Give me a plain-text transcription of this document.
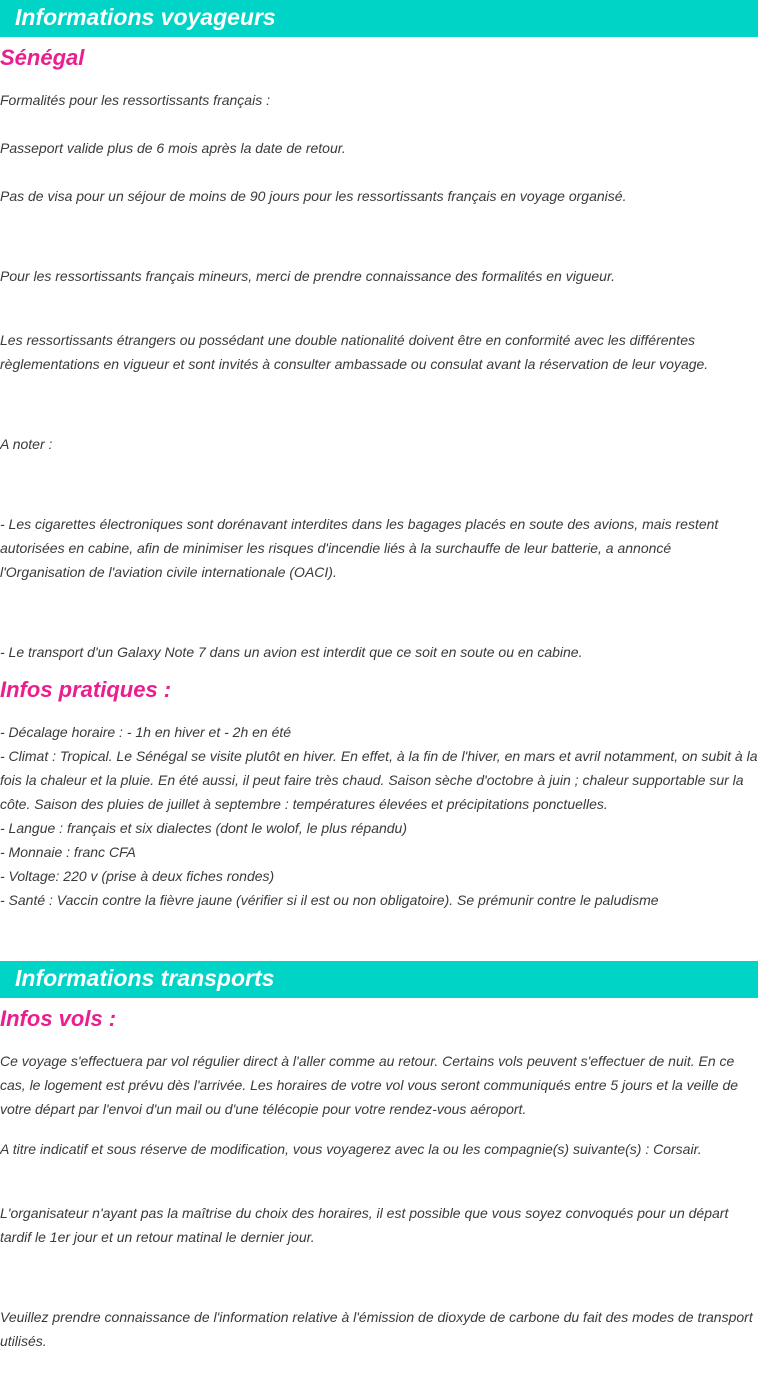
Informations voyageurs
Sénégal

Formalités pour les ressortissants français :

Passeport valide plus de 6 mois après la date de retour.

Pas de visa pour un séjour de moins de 90 jours pour les ressortissants français en voyage organisé.

Pour les ressortissants français mineurs, merci de prendre connaissance des formalités en vigueur.

Les ressortissants étrangers ou possédant une double nationalité doivent être en conformité avec les différentes règlementations en vigueur et sont invités à consulter ambassade ou consulat avant la réservation de leur voyage.

A noter :

- Les cigarettes électroniques sont dorénavant interdites dans les bagages placés en soute des avions, mais restent autorisées en cabine, afin de minimiser les risques d'incendie liés à la surchauffe de leur batterie, a annoncé l'Organisation de l'aviation civile internationale (OACI).

- Le transport d'un Galaxy Note 7 dans un avion est interdit que ce soit en soute ou en cabine.

Infos pratiques :

- Décalage horaire : - 1h en hiver et - 2h en été

- Climat : Tropical. Le Sénégal se visite plutôt en hiver. En effet, à la fin de l'hiver, en mars et avril notamment, on subit à la fois la chaleur et la pluie. En été aussi, il peut faire très chaud. Saison sèche d'octobre à juin ; chaleur supportable sur la côte. Saison des pluies de juillet à septembre : températures élevées et précipitations ponctuelles.

- Langue : français et six dialectes (dont le wolof, le plus répandu)

- Monnaie : franc CFA

- Voltage: 220 v (prise à deux fiches rondes)

- Santé : Vaccin contre la fièvre jaune (vérifier si il est ou non obligatoire). Se prémunir contre le paludisme

Informations transports
Infos vols :

Ce voyage s'effectuera par vol régulier direct à l'aller comme au retour. Certains vols peuvent s'effectuer de nuit. En ce cas, le logement est prévu dès l'arrivée. Les horaires de votre vol vous seront communiqués entre 5 jours et la veille de votre départ par l'envoi d'un mail ou d'une télécopie pour votre rendez-vous aéroport.

A titre indicatif et sous réserve de modification, vous voyagerez avec la ou les compagnie(s) suivante(s) : Corsair.

L'organisateur n'ayant pas la maîtrise du choix des horaires, il est possible que vous soyez convoqués pour un départ tardif le 1er jour et un retour matinal le dernier jour.

Veuillez prendre connaissance de l'information relative à l'émission de dioxyde de carbone du fait des modes de transport utilisés.
